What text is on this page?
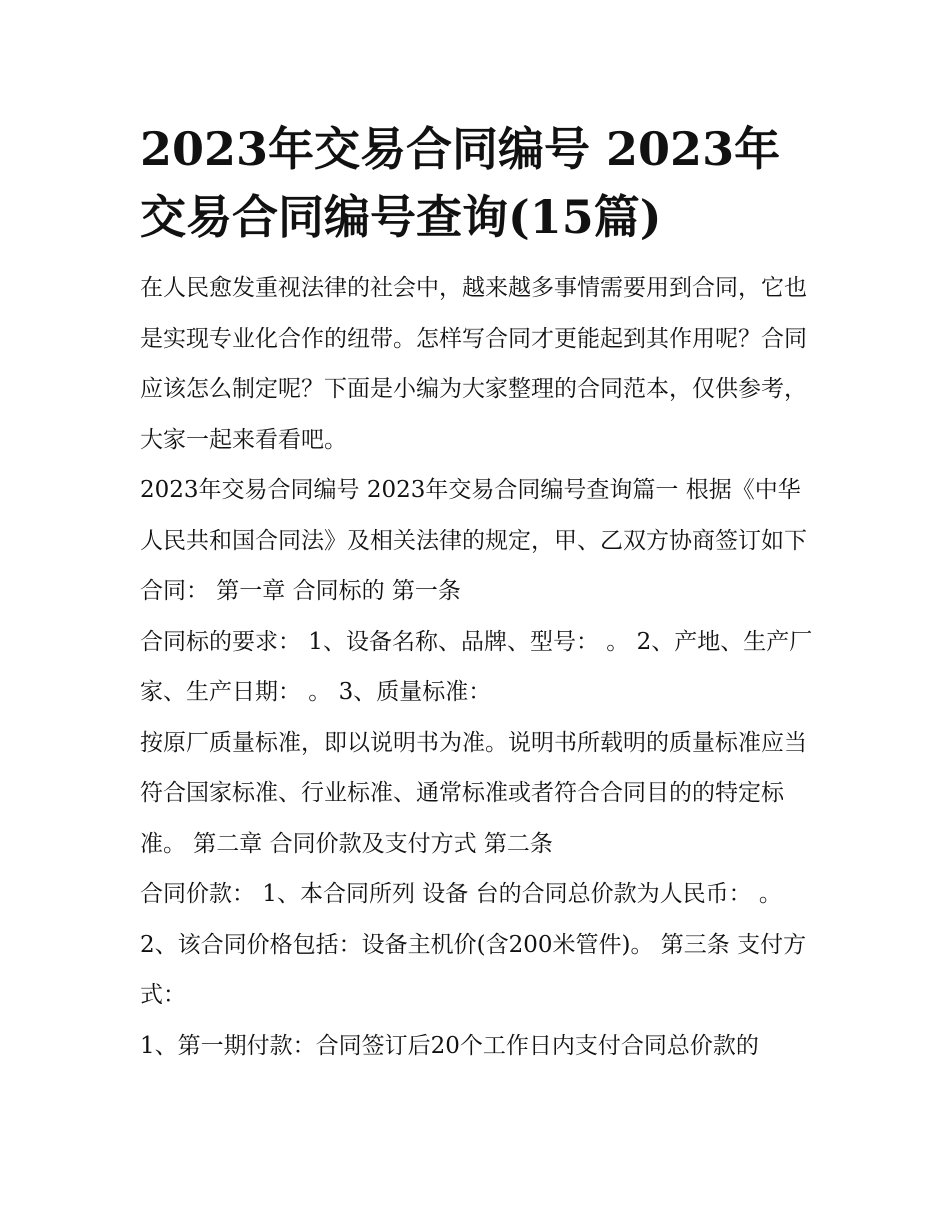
2023年交易合同编号 2023年交易合同编号查询(15篇)

在人民愈发重视法律的社会中，越来越多事情需要用到合同，它也是实现专业化合作的纽带。怎样写合同才更能起到其作用呢？合同应该怎么制定呢？下面是小编为大家整理的合同范本，仅供参考，大家一起来看看吧。

2023年交易合同编号 2023年交易合同编号查询篇一 根据《中华人民共和国合同法》及相关法律的规定，甲、乙双方协商签订如下合同： 第一章 合同标的 第一条

合同标的要求： 1、设备名称、品牌、型号： 。 2、产地、生产厂家、生产日期： 。 3、质量标准：

按原厂质量标准，即以说明书为准。说明书所载明的质量标准应当符合国家标准、行业标准、通常标准或者符合合同目的的特定标准。 第二章 合同价款及支付方式 第二条

合同价款： 1、本合同所列 设备 台的合同总价款为人民币： 。 2、该合同价格包括：设备主机价(含200米管件)。 第三条 支付方式：

1、第一期付款：合同签订后20个工作日内支付合同总价款的
